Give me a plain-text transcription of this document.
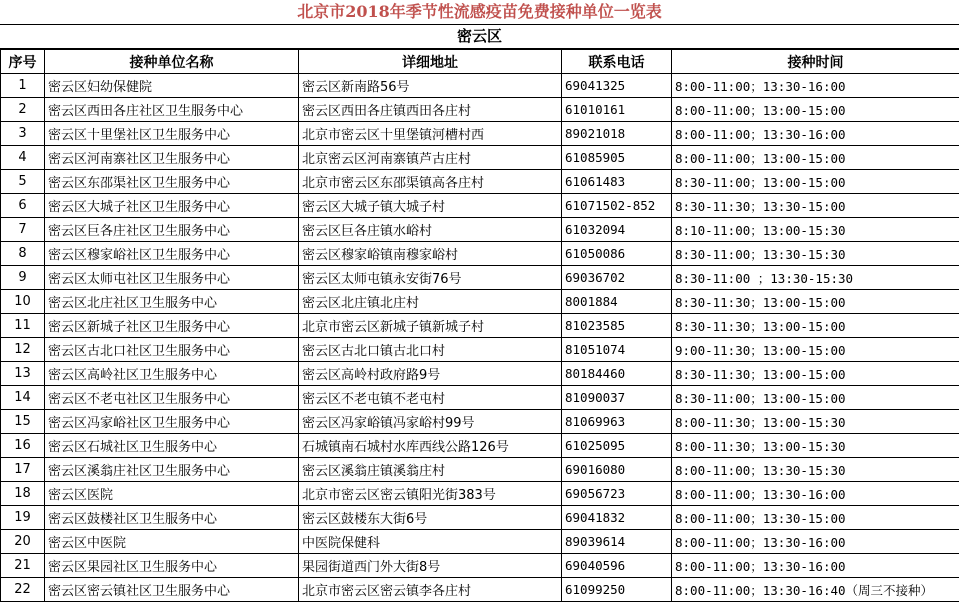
北京市2018年季节性流感疫苗免费接种单位一览表
密云区
序号	接种单位名称	详细地址	联系电话	接种时间
1	密云区妇幼保健院	密云区新南路56号	69041325	8:00-11:00；13:30-16:00
2	密云区西田各庄社区卫生服务中心	密云区西田各庄镇西田各庄村	61010161	8:00-11:00；13:00-15:00
3	密云区十里堡社区卫生服务中心	北京市密云区十里堡镇河槽村西	89021018	8:00-11:00；13:30-16:00
4	密云区河南寨社区卫生服务中心	北京密云区河南寨镇芦古庄村	61085905	8:00-11:00；13:00-15:00
5	密云区东邵渠社区卫生服务中心	北京市密云区东邵渠镇高各庄村	61061483	8:30-11:00；13:00-15:00
6	密云区大城子社区卫生服务中心	密云区大城子镇大城子村	61071502-852	8:30-11:30；13:30-15:00
7	密云区巨各庄社区卫生服务中心	密云区巨各庄镇水峪村	61032094	8:10-11:00；13:00-15:30
8	密云区穆家峪社区卫生服务中心	密云区穆家峪镇南穆家峪村	61050086	8:30-11:00；13:30-15:30
9	密云区太师屯社区卫生服务中心	密云区太师屯镇永安街76号	69036702	8:30-11:00 ；13:30-15:30
10	密云区北庄社区卫生服务中心	密云区北庄镇北庄村	8001884	8:30-11:30；13:00-15:00
11	密云区新城子社区卫生服务中心	北京市密云区新城子镇新城子村	81023585	8:30-11:30；13:00-15:00
12	密云区古北口社区卫生服务中心	密云区古北口镇古北口村	81051074	9:00-11:30；13:00-15:00
13	密云区高岭社区卫生服务中心	密云区高岭村政府路9号	80184460	8:30-11:30；13:00-15:00
14	密云区不老屯社区卫生服务中心	密云区不老屯镇不老屯村	81090037	8:30-11:00；13:00-15:00
15	密云区冯家峪社区卫生服务中心	密云区冯家峪镇冯家峪村99号	81069963	8:00-11:30；13:00-15:30
16	密云区石城社区卫生服务中心	石城镇南石城村水库西线公路126号	61025095	8:00-11:30；13:00-15:30
17	密云区溪翁庄社区卫生服务中心	密云区溪翁庄镇溪翁庄村	69016080	8:00-11:00；13:30-15:30
18	密云区医院	北京市密云区密云镇阳光街383号	69056723	8:00-11:00；13:30-16:00
19	密云区鼓楼社区卫生服务中心	密云区鼓楼东大街6号	69041832	8:00-11:00；13:30-15:00
20	密云区中医院	中医院保健科	89039614	8:00-11:00；13:30-16:00
21	密云区果园社区卫生服务中心	果园街道西门外大街8号	69040596	8:00-11:00；13:30-16:00
22	密云区密云镇社区卫生服务中心	北京市密云区密云镇李各庄村	61099250	8:00-11:00；13:30-16:40（周三不接种）
